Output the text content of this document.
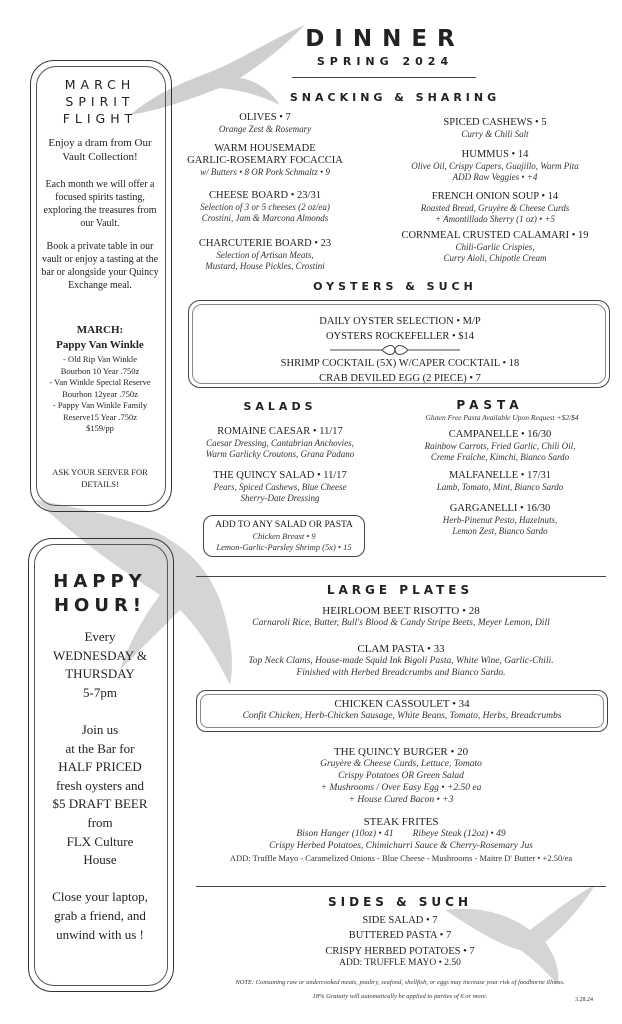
DINNER
SPRING 2024
MARCH
SPIRIT
FLIGHT
Enjoy a dram from Our Vault Collection!
Each month we will offer a focused spirits tasting, exploring the treasures from our Vault.
Book a private table in our vault or enjoy a tasting at the bar or alongside your Quincy Exchange meal.
MARCH:
Pappy Van Winkle
- Old Rip Van Winkle
Bourbon 10 Year .750z
- Van Winkle Special Reserve
Bourbon 12year .750z
- Pappy Van Winkle Family
Reserve15 Year .750z
$159/pp
ASK YOUR SERVER FOR DETAILS!
HAPPY
HOUR!
Every
WEDNESDAY &
THURSDAY
5-7pm

Join us
at the Bar for
HALF PRICED
fresh oysters and
$5 DRAFT BEER
from
FLX Culture
House

Close your laptop,
grab a friend, and
unwind with us !
SNACKING & SHARING
OLIVES • 7
Orange Zest & Rosemary
WARM HOUSEMADE
GARLIC-ROSEMARY FOCACCIA
w/ Butters • 8 OR Pork Schmaltz • 9
CHEESE BOARD • 23/31
Selection of 3 or 5 cheeses (2 oz/ea)
Crostini, Jam & Marcona Almonds
CHARCUTERIE BOARD • 23
Selection of Artisan Meats,
Mustard, House Pickles, Crostini
SPICED CASHEWS • 5
Curry & Chili Salt
HUMMUS • 14
Olive Oil, Crispy Capers, Guajillo, Warm Pita
ADD Raw Veggies • +4
FRENCH ONION SOUP • 14
Roasted Bread, Gruyère & Cheese Curds
+ Amontillado Sherry (1 oz) • +5
CORNMEAL CRUSTED CALAMARI • 19
Chili-Garlic Crispies,
Curry Aioli, Chipotle Cream
OYSTERS & SUCH
DAILY OYSTER SELECTION • M/P
OYSTERS ROCKEFELLER • $14
SHRIMP COCKTAIL (5X) W/CAPER COCKTAIL • 18
CRAB DEVILED EGG (2 PIECE) • 7
SALADS
ROMAINE CAESAR • 11/17
Caesar Dressing, Cantabrian Anchovies,
Warm Garlicky Croutons, Grana Padano
THE QUINCY SALAD • 11/17
Pears, Spiced Cashews, Blue Cheese
Sherry-Date Dressing
ADD TO ANY SALAD OR PASTA
Chicken Breast • 9
Lemon-Garlic-Parsley Shrimp (5x) • 15
PASTA
Gluten Free Pasta Available Upon Request +$2/$4
CAMPANELLE • 16/30
Rainbow Carrots, Fried Garlic, Chili Oil,
Creme Fraîche, Kimchi, Bianco Sardo
MALFANELLE • 17/31
Lamb, Tomato, Mint, Bianco Sardo
GARGANELLI • 16/30
Herb-Pinenut Pesto, Hazelnuts,
Lemon Zest, Bianco Sardo
LARGE PLATES
HEIRLOOM BEET RISOTTO • 28
Carnaroli Rice, Butter, Bull's Blood & Candy Stripe Beets, Meyer Lemon, Dill
CLAM PASTA • 33
Top Neck Clams, House-made Squid Ink Bigoli Pasta, White Wine, Garlic-Chili.
Finished with Herbed Breadcrumbs and Bianco Sardo.
CHICKEN CASSOULET • 34
Confit Chicken, Herb-Chicken Sausage, White Beans, Tomato, Herbs, Breadcrumbs
THE QUINCY BURGER • 20
Gruyère & Cheese Curds, Lettuce, Tomato
Crispy Potatoes OR Green Salad
+ Mushrooms / Over Easy Egg • +2.50 ea
+ House Cured Bacon • +3
STEAK FRITES
Bison Hanger (10oz) • 41        Ribeye Steak (12oz) • 49
Crispy Herbed Potatoes, Chimichurri Sauce & Cherry-Rosemary Jus
ADD: Truffle Mayo - Caramelized Onions - Blue Cheese - Mushrooms - Maitre D' Butter • +2.50/ea
SIDES & SUCH
SIDE SALAD • 7
BUTTERED PASTA • 7
CRISPY HERBED POTATOES • 7
ADD: TRUFFLE MAYO • 2.50
NOTE: Consuming raw or undercooked meats, poultry, seafood, shellfish, or eggs may increase your risk of foodborne illness.
18% Gratuity will automatically be applied to parties of 6 or more.	3.28.24
